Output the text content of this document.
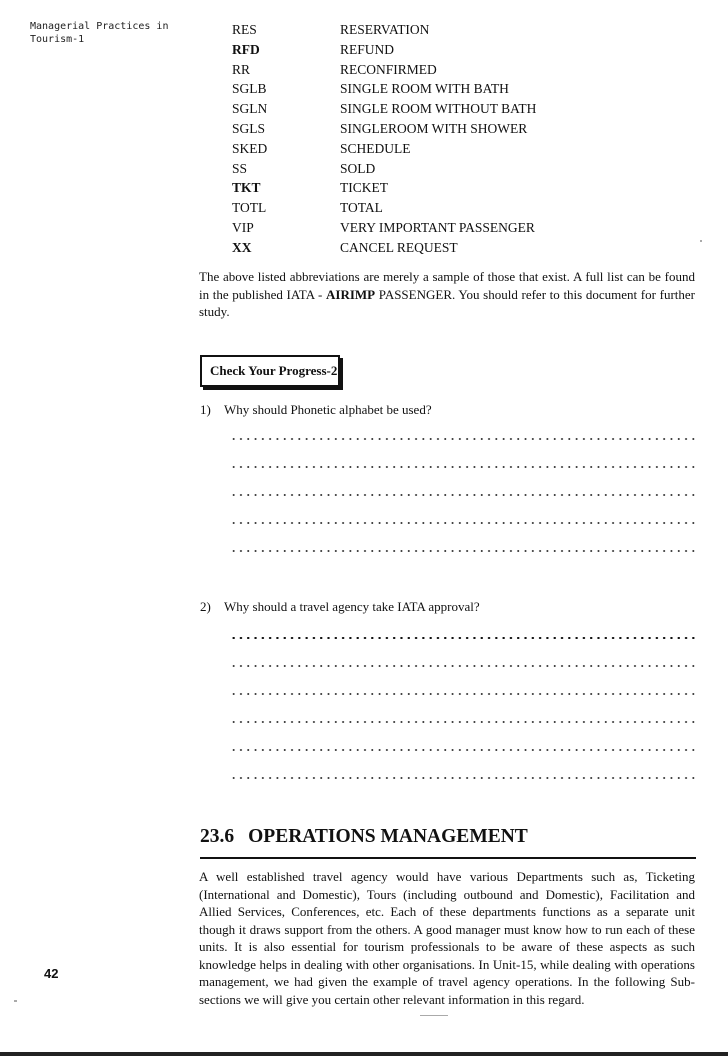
Managerial Practices in Tourism-1
RES	RESERVATION
RFD	REFUND
RR	RECONFIRMED
SGLB	SINGLE ROOM WITH BATH
SGLN	SINGLE ROOM WITHOUT BATH
SGLS	SINGLEROOM WITH SHOWER
SKED	SCHEDULE
SS	SOLD
TKT	TICKET
TOTL	TOTAL
VIP	VERY IMPORTANT PASSENGER
XX	CANCEL REQUEST

The above listed abbreviations are merely a sample of those that exist. A full list can be found in the published IATA - AIRIMP PASSENGER. You should refer to this document for further study.

Check Your Progress-2
1) Why should Phonetic alphabet be used?
2) Why should a travel agency take IATA approval?
23.6 OPERATIONS MANAGEMENT

A well established travel agency would have various Departments such as, Ticketing (International and Domestic), Tours (including outbound and Domestic), Facilitation and Allied Services, Conferences, etc. Each of these departments functions as a separate unit though it draws support from the others. A good manager must know how to run each of these units. It is also essential for tourism professionals to be aware of these aspects as such knowledge helps in dealing with other organisations. In Unit-15, while dealing with operations management, we had given the example of travel agency operations. In the following Sub-sections we will give you certain other relevant information in this regard.

42
